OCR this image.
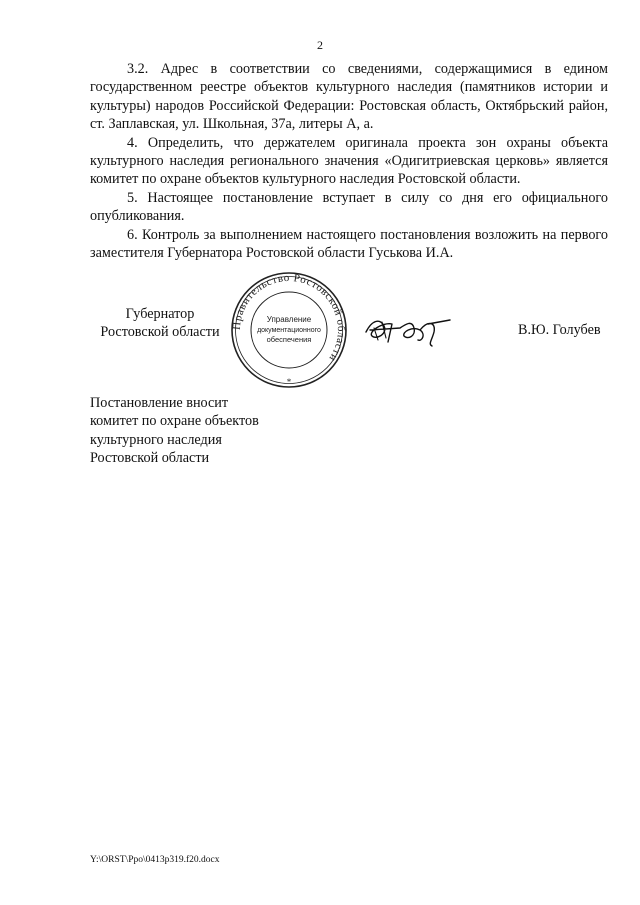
2

3.2. Адрес в соответствии со сведениями, содержащимися в едином государственном реестре объектов культурного наследия (памятников истории и культуры) народов Российской Федерации: Ростовская область, Октябрьский район, ст. Заплавская, ул. Школьная, 37а, литеры А, а.

4. Определить, что держателем оригинала проекта зон охраны объекта культурного наследия регионального значения «Одигитриевская церковь» является комитет по охране объектов культурного наследия Ростовской области.

5. Настоящее постановление вступает в силу со дня его официального опубликования.

6. Контроль за выполнением настоящего постановления возложить на первого заместителя Губернатора Ростовской области Гуськова И.А.

Губернатор
Ростовской области	Правительство Ростовской области
Управление
документационного
обеспечения
*
В.Ю. Голубев
Постановление вносит
комитет по охране объектов
культурного наследия
Ростовской области
Y:\ORST\Ppo\0413p319.f20.docx
